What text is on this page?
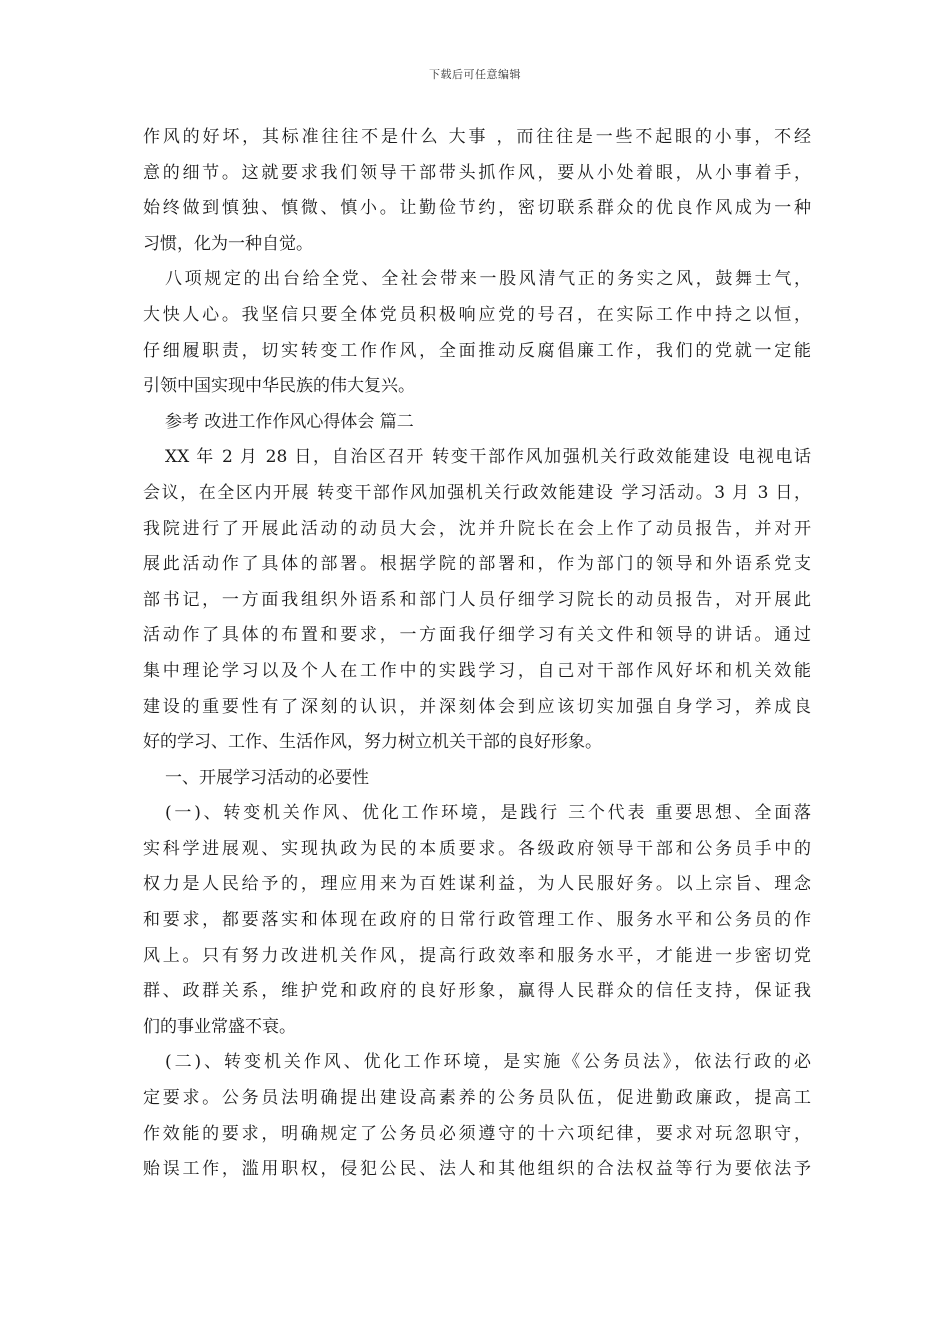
下载后可任意编辑
作风的好坏，其标准往往不是什么 大事 ，而往往是一些不起眼的小事，不经
意的细节。这就要求我们领导干部带头抓作风，要从小处着眼，从小事着手，
始终做到慎独、慎微、慎小。让勤俭节约，密切联系群众的优良作风成为一种
习惯，化为一种自觉。
八项规定的出台给全党、全社会带来一股风清气正的务实之风，鼓舞士气，
大快人心。我坚信只要全体党员积极响应党的号召，在实际工作中持之以恒，
仔细履职责，切实转变工作作风，全面推动反腐倡廉工作，我们的党就一定能
引领中国实现中华民族的伟大复兴。
参考 改进工作作风心得体会 篇二
XX 年 2 月 28 日，自治区召开 转变干部作风加强机关行政效能建设 电视电话
会议，在全区内开展 转变干部作风加强机关行政效能建设 学习活动。3 月 3 日，
我院进行了开展此活动的动员大会，沈并升院长在会上作了动员报告，并对开
展此活动作了具体的部署。根据学院的部署和，作为部门的领导和外语系党支
部书记，一方面我组织外语系和部门人员仔细学习院长的动员报告，对开展此
活动作了具体的布置和要求，一方面我仔细学习有关文件和领导的讲话。通过
集中理论学习以及个人在工作中的实践学习，自己对干部作风好坏和机关效能
建设的重要性有了深刻的认识，并深刻体会到应该切实加强自身学习，养成良
好的学习、工作、生活作风，努力树立机关干部的良好形象。
一、开展学习活动的必要性
(一)、转变机关作风、优化工作环境，是践行 三个代表 重要思想、全面落
实科学进展观、实现执政为民的本质要求。各级政府领导干部和公务员手中的
权力是人民给予的，理应用来为百姓谋利益，为人民服好务。以上宗旨、理念
和要求，都要落实和体现在政府的日常行政管理工作、服务水平和公务员的作
风上。只有努力改进机关作风，提高行政效率和服务水平，才能进一步密切党
群、政群关系，维护党和政府的良好形象，赢得人民群众的信任支持，保证我
们的事业常盛不衰。
(二)、转变机关作风、优化工作环境，是实施《公务员法》，依法行政的必
定要求。公务员法明确提出建设高素养的公务员队伍，促进勤政廉政，提高工
作效能的要求，明确规定了公务员必须遵守的十六项纪律，要求对玩忽职守，
贻误工作，滥用职权，侵犯公民、法人和其他组织的合法权益等行为要依法予
